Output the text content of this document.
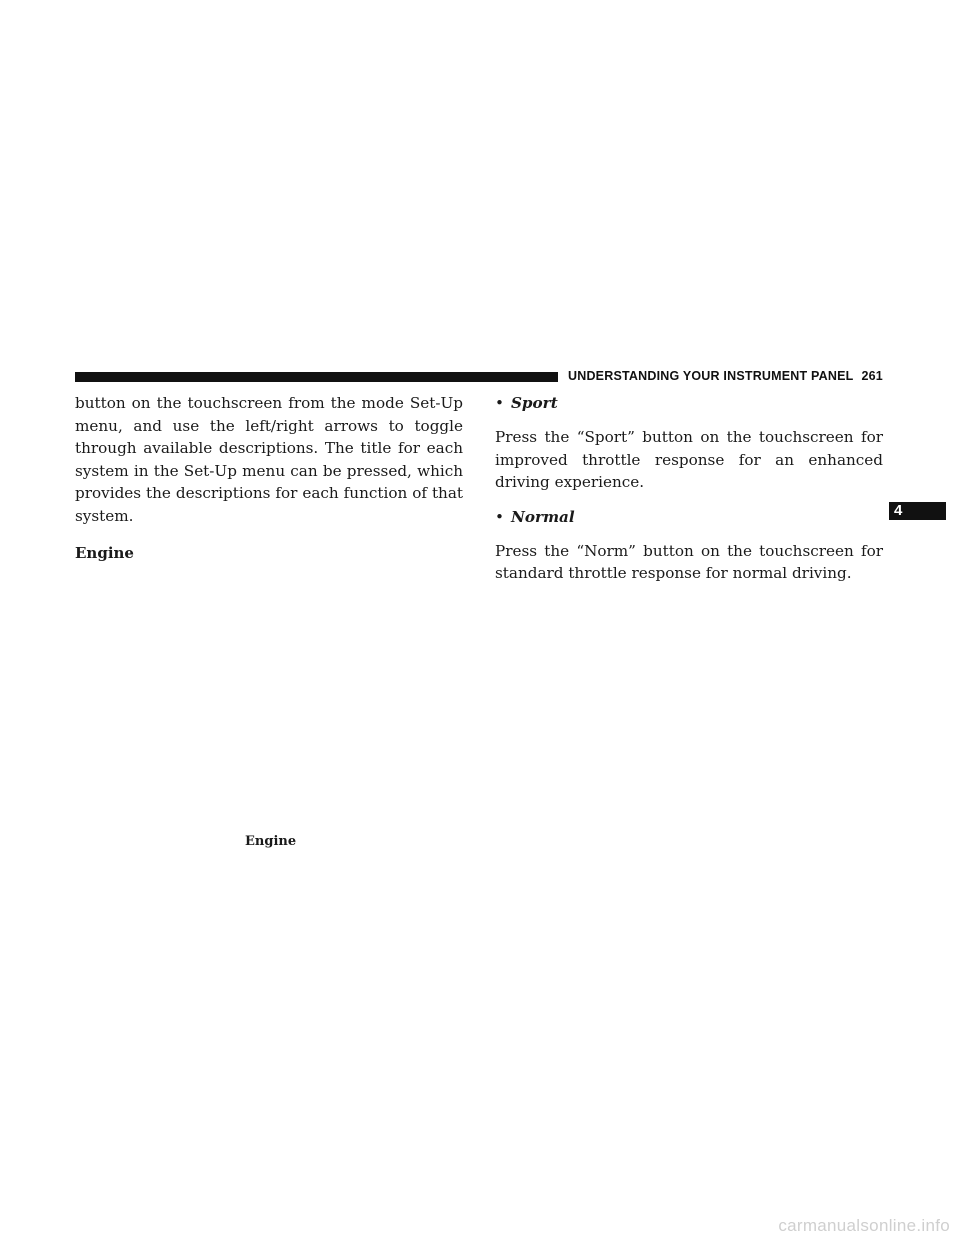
UNDERSTANDING YOUR INSTRUMENT PANEL 261

button on the touchscreen from the mode Set-Up menu, and use the left/right arrows to toggle through available descriptions. The title for each system in the Set-Up menu can be pressed, which provides the descriptions for each function of that system.

Engine

• Sport

Press the “Sport” button on the touchscreen for improved throttle response for an enhanced driving experience.

• Normal

Press the “Norm” button on the touchscreen for standard throttle response for normal driving.

Engine
4
carmanualsonline.info
